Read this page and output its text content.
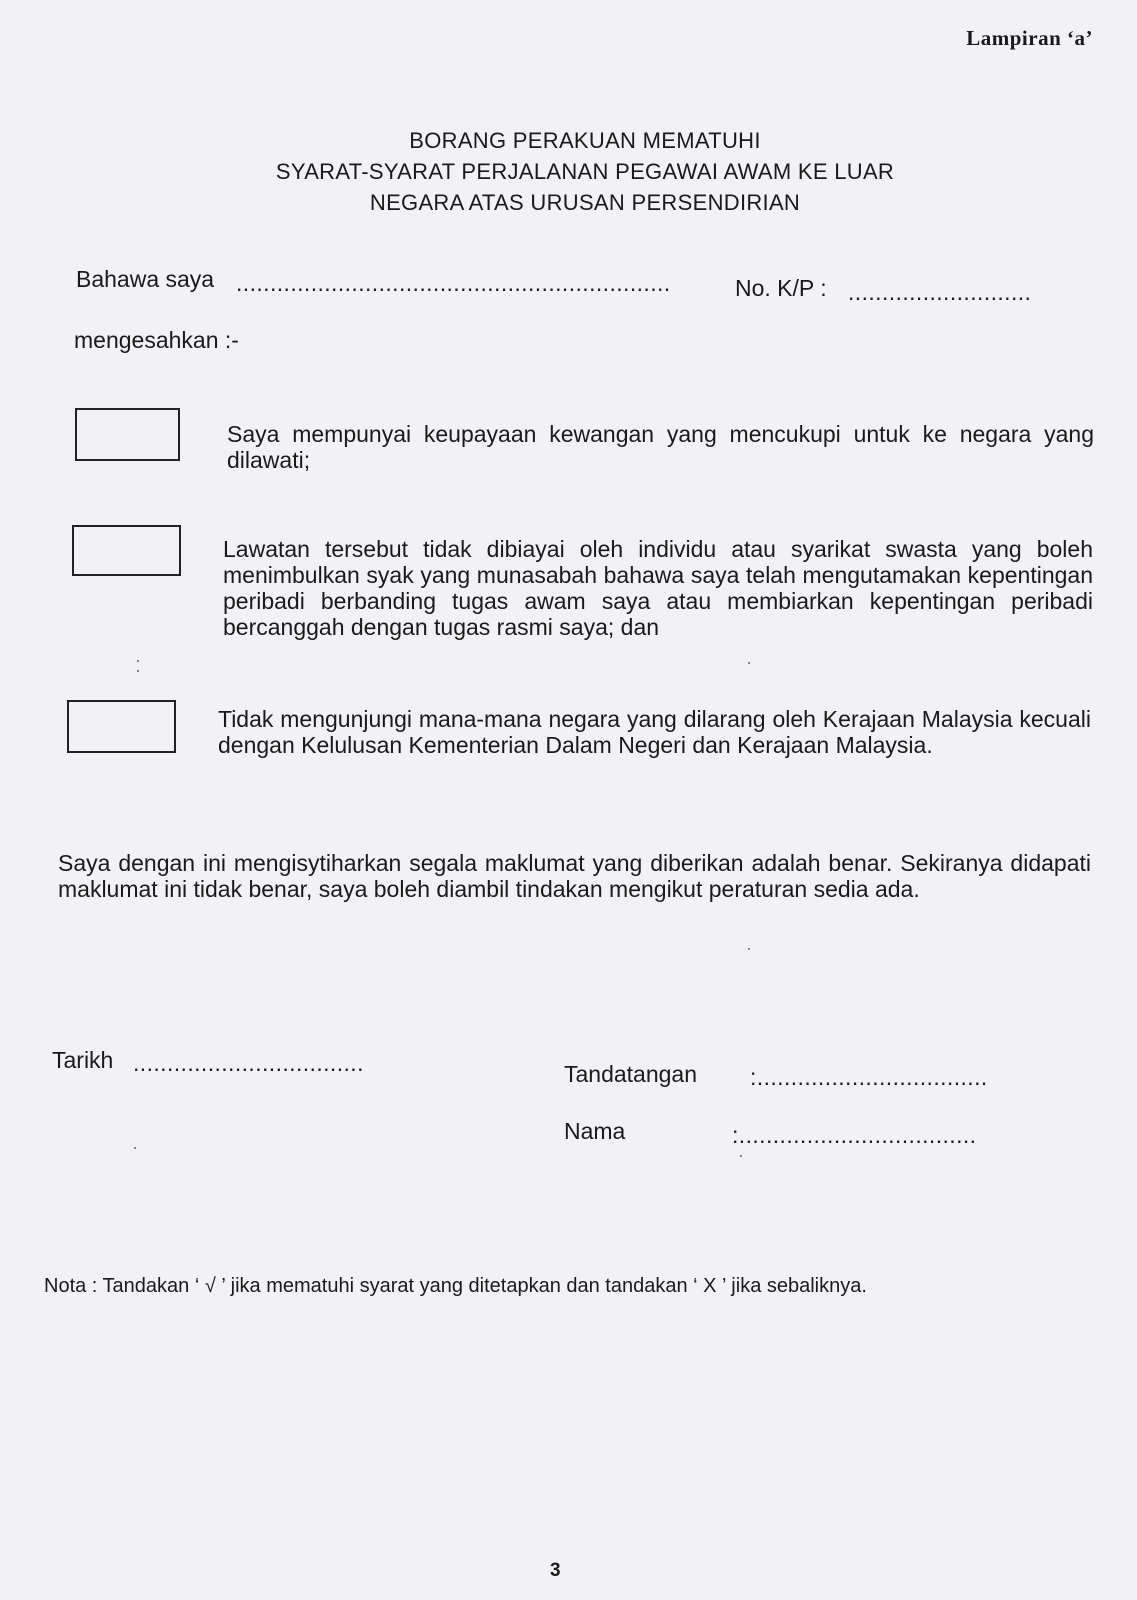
Lampiran ‘a’
BORANG PERAKUAN MEMATUHI
SYARAT-SYARAT PERJALANAN PEGAWAI AWAM KE LUAR
NEGARA ATAS URUSAN PERSENDIRIAN
Bahawa saya ................................................................	No. K/P : ...........................
mengesahkan :-
Saya mempunyai keupayaan kewangan yang mencukupi untuk ke negara yang dilawati;
Lawatan tersebut tidak dibiayai oleh individu atau syarikat swasta yang boleh menimbulkan syak yang munasabah bahawa saya telah mengutamakan kepentingan peribadi berbanding tugas awam saya atau membiarkan kepentingan peribadi bercanggah dengan tugas rasmi saya; dan
Tidak mengunjungi mana-mana negara yang dilarang oleh Kerajaan Malaysia kecuali dengan Kelulusan Kementerian Dalam Negeri dan Kerajaan Malaysia.
Saya dengan ini mengisytiharkan segala maklumat yang diberikan adalah benar. Sekiranya didapati maklumat ini tidak benar, saya boleh diambil tindakan mengikut peraturan sedia ada.
Tarikh ..................................	Tandatangan :..................................
Nama	:...................................
Nota : Tandakan ‘ √ ’ jika mematuhi syarat yang ditetapkan dan tandakan ‘ X ’ jika sebaliknya.
3
